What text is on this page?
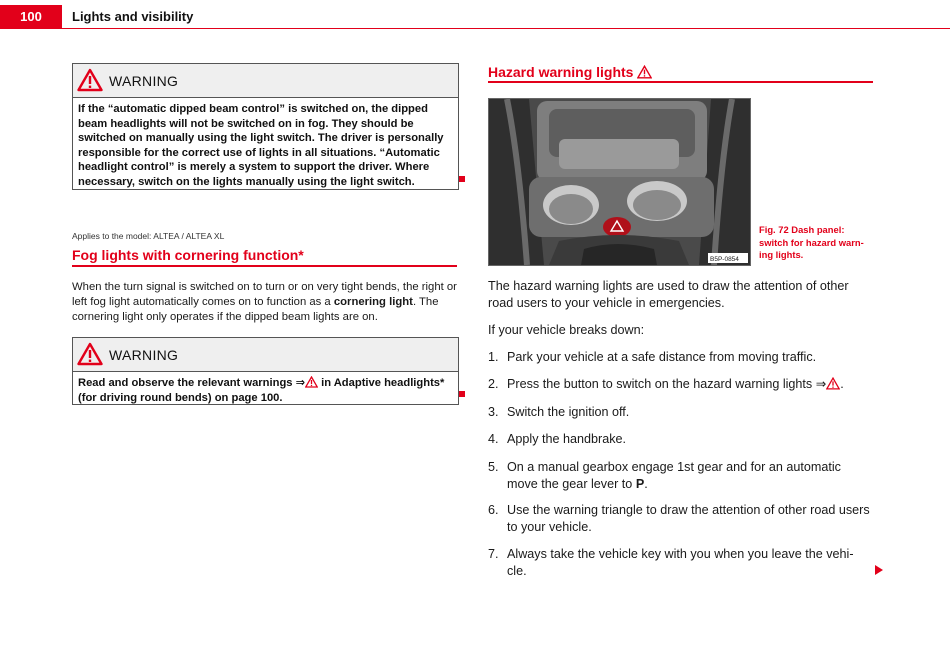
100	Lights and visibility
WARNING
If the “automatic dipped beam control” is switched on, the dipped beam headlights will not be switched on in fog. They should be switched on manually using the light switch. The driver is personally responsible for the correct use of lights in all situations. “Automatic headlight control” is merely a system to support the driver. Where necessary, switch on the lights manually using the light switch.
Applies to the model: ALTEA / ALTEA XL
Fog lights with cornering function*
When the turn signal is switched on to turn or on very tight bends, the right or left fog light automatically comes on to function as a cornering light. The cornering light only operates if the dipped beam lights are on.
WARNING
Read and observe the relevant warnings ⇒ in Adaptive headlights* (for driving round bends) on page 100.
Hazard warning lights
B5P-0854
Fig. 72 Dash panel: switch for hazard warn-ing lights.
The hazard warning lights are used to draw the attention of other road users to your vehicle in emergencies.
If your vehicle breaks down:
1. Park your vehicle at a safe distance from moving traffic.
2. Press the button to switch on the hazard warning lights ⇒ .
3. Switch the ignition off.
4. Apply the handbrake.
5. On a manual gearbox engage 1st gear and for an automatic move the gear lever to P.
6. Use the warning triangle to draw the attention of other road users to your vehicle.
7. Always take the vehicle key with you when you leave the vehi-cle.
